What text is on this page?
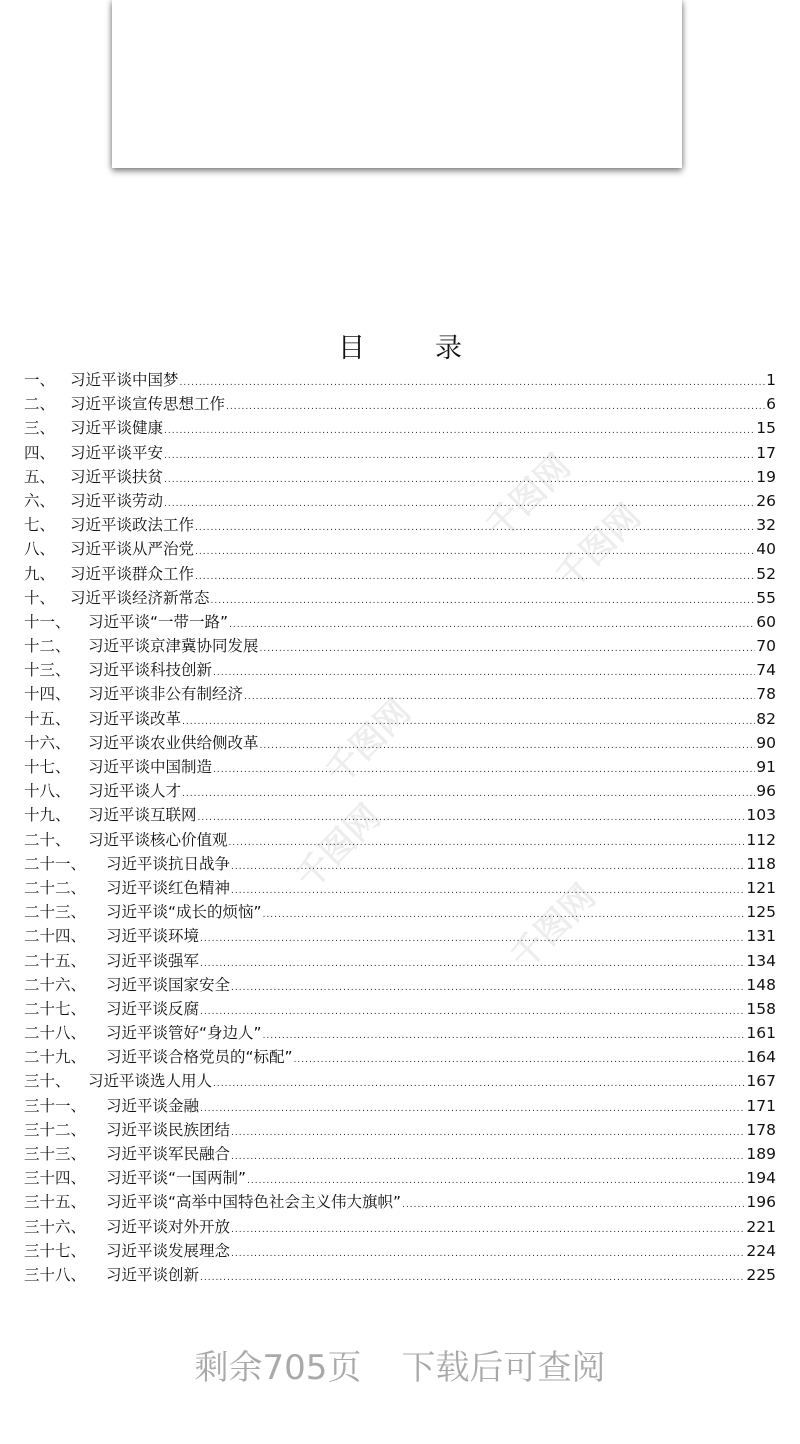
目	录
一、 习近平谈中国梦 .....	1
二、 习近平谈宣传思想工作 .....	6
三、 习近平谈健康 .....	15
四、 习近平谈平安 .....	17
五、 习近平谈扶贫 .....	19
六、 习近平谈劳动 .....	26
七、 习近平谈政法工作 .....	32
八、 习近平谈从严治党 .....	40
九、 习近平谈群众工作 .....	52
十、 习近平谈经济新常态 .....	55
十一、	习近平谈“一带一路” .....	60
十二、	习近平谈京津冀协同发展 .....	70
十三、	习近平谈科技创新 .....	74
十四、	习近平谈非公有制经济 .....	78
十五、	习近平谈改革 .....	82
十六、	习近平谈农业供给侧改革 .....	90
十七、	习近平谈中国制造 .....	91
十八、	习近平谈人才 .....	96
十九、	习近平谈互联网 .....	103
二十、	习近平谈核心价值观 .....	112
二十一、	习近平谈抗日战争 .....	118
二十二、	习近平谈红色精神 .....	121
二十三、	习近平谈“成长的烦恼” .....	125
二十四、	习近平谈环境 .....	131
二十五、	习近平谈强军 .....	134
二十六、	习近平谈国家安全 .....	148
二十七、	习近平谈反腐 .....	158
二十八、	习近平谈管好“身边人” .....	161
二十九、	习近平谈合格党员的“标配” .....	164
三十、	习近平谈选人用人 .....	167
三十一、	习近平谈金融 .....	171
三十二、	习近平谈民族团结 .....	178
三十三、	习近平谈军民融合 .....	189
三十四、	习近平谈“一国两制” .....	194
三十五、	习近平谈“高举中国特色社会主义伟大旗帜” .....	196
三十六、	习近平谈对外开放 .....	221
三十七、	习近平谈发展理念 .....	224
三十八、	习近平谈创新 .....	225
剩余705页 下载后可查阅
千图网
千图网
千图网
千图网
千图网
